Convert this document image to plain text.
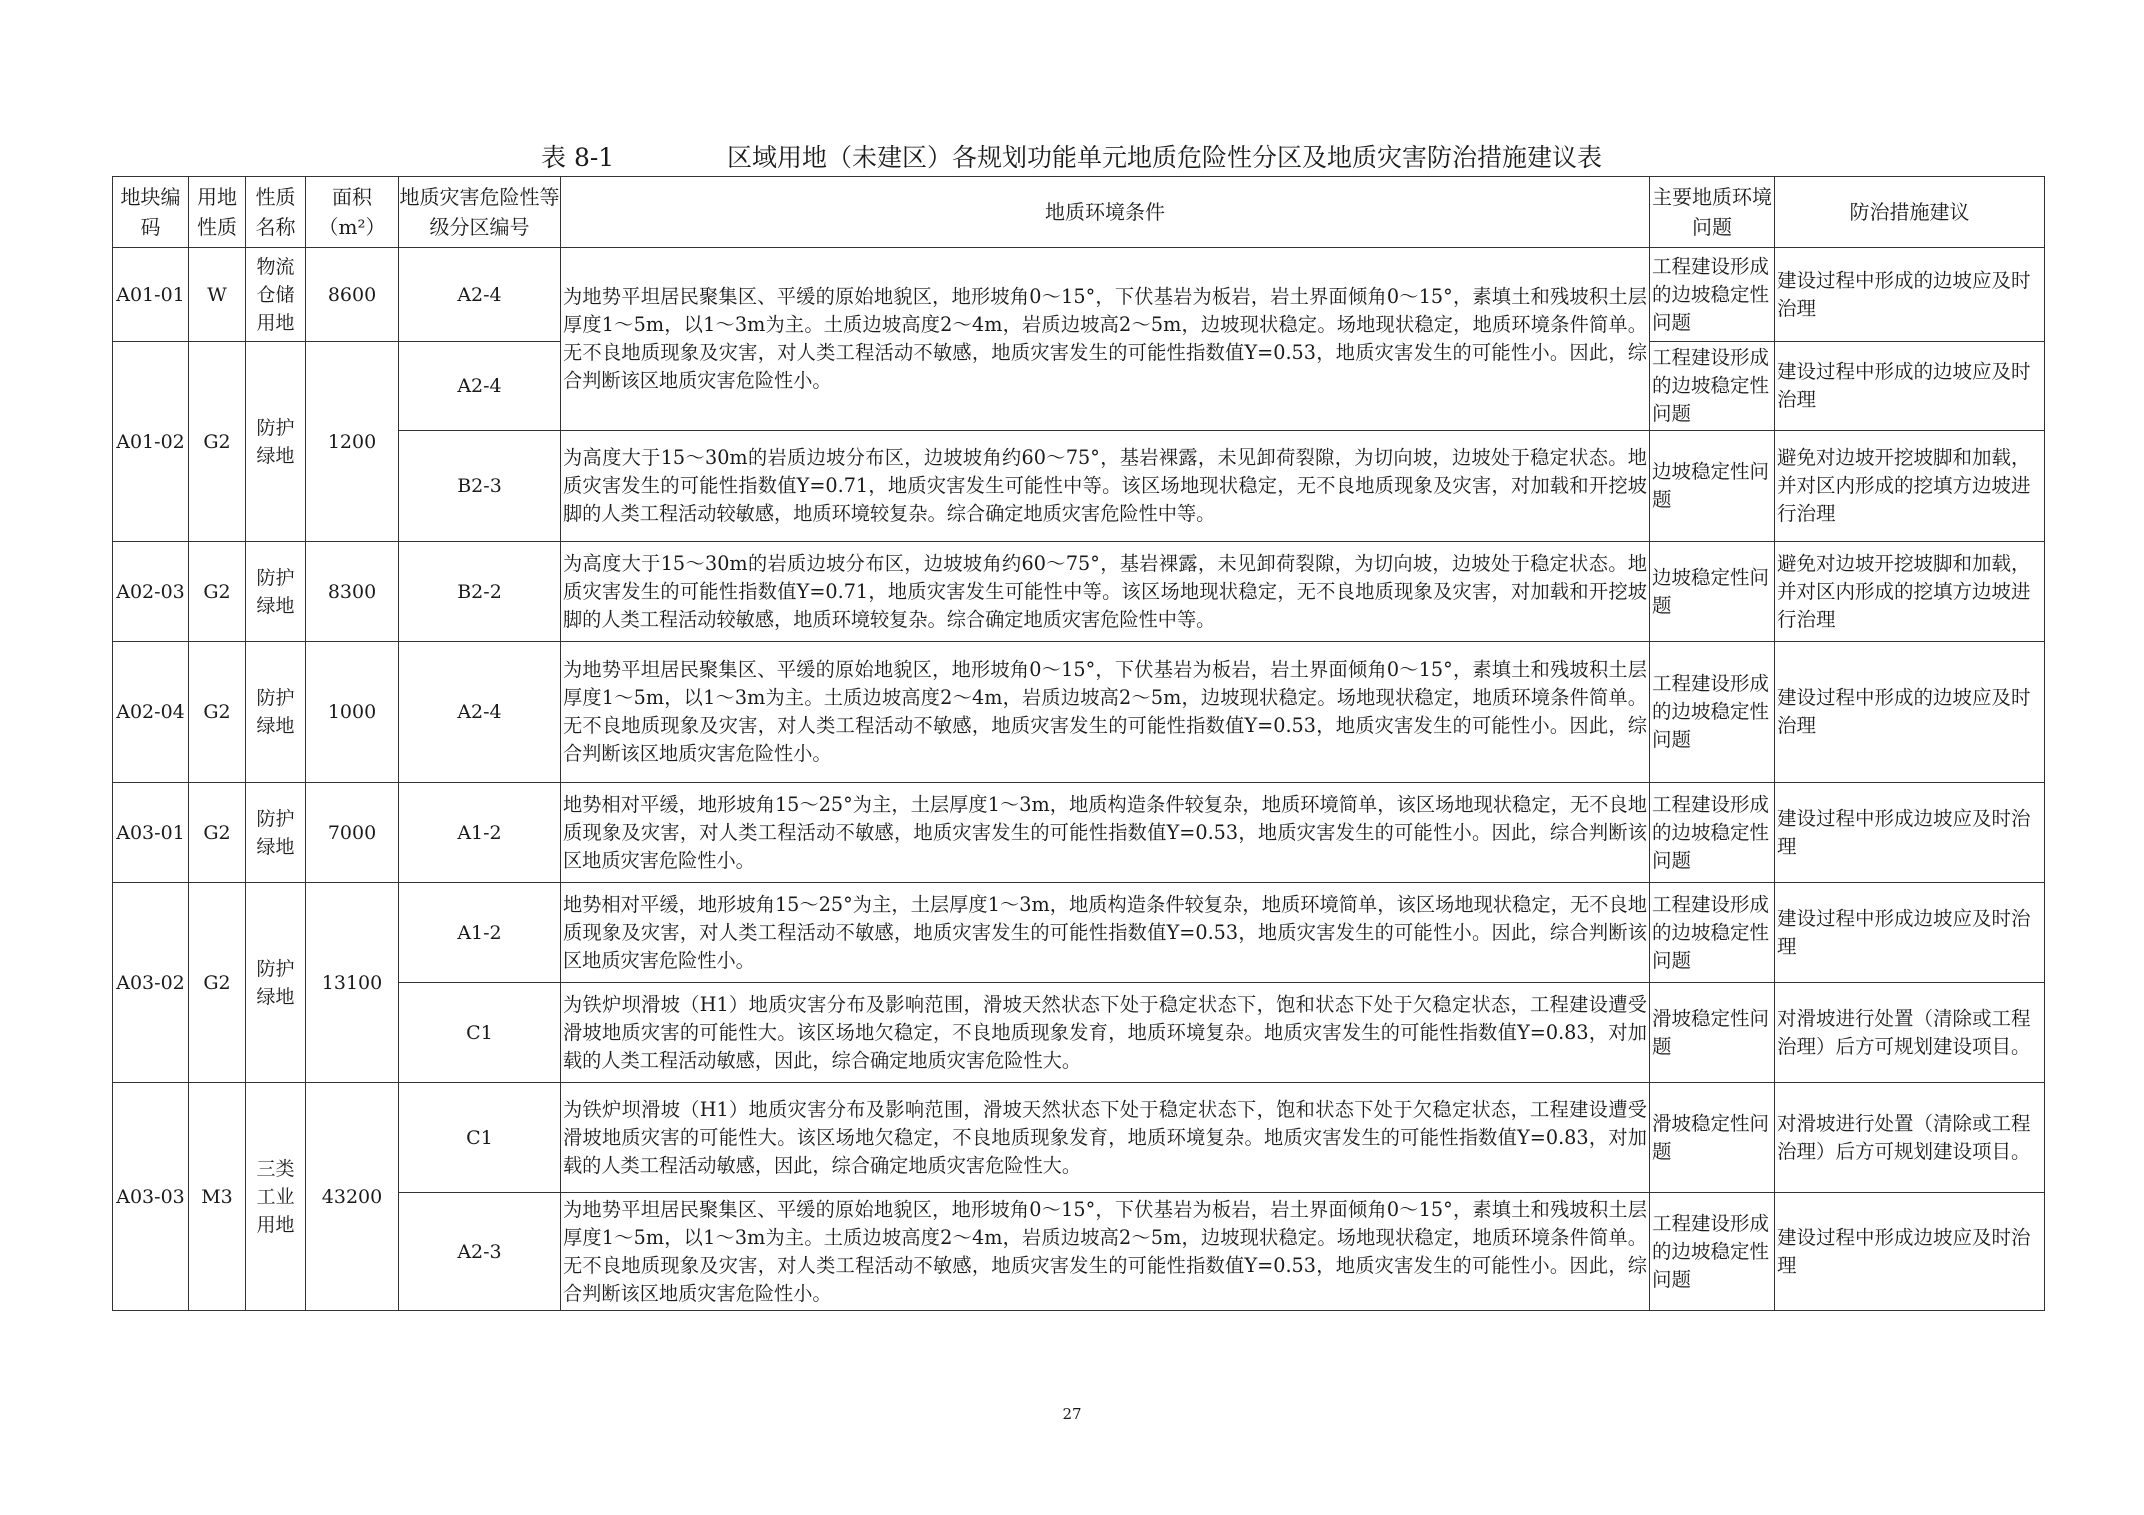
表 8-1	区域用地（未建区）各规划功能单元地质危险性分区及地质灾害防治措施建议表
地块编码	用地性质	性质名称	面积（m²）	地质灾害危险性等级分区编号	地质环境条件	主要地质环境问题	防治措施建议
A01-01	W	物流仓储用地	8600	A2-4	为地势平坦居民聚集区、平缓的原始地貌区，地形坡角0～15°，下伏基岩为板岩，岩土界面倾角0～15°，素填土和残坡积土层厚度1～5m，以1～3m为主。土质边坡高度2～4m，岩质边坡高2～5m，边坡现状稳定。场地现状稳定，地质环境条件简单。无不良地质现象及灾害，对人类工程活动不敏感，地质灾害发生的可能性指数值Y=0.53，地质灾害发生的可能性小。因此，综合判断该区地质灾害危险性小。	工程建设形成的边坡稳定性问题	建设过程中形成的边坡应及时治理
A01-02	G2	防护绿地	1200	A2-4		工程建设形成的边坡稳定性问题	建设过程中形成的边坡应及时治理
				B2-3	为高度大于15～30m的岩质边坡分布区，边坡坡角约60～75°，基岩裸露，未见卸荷裂隙，为切向坡，边坡处于稳定状态。地质灾害发生的可能性指数值Y=0.71，地质灾害发生可能性中等。该区场地现状稳定，无不良地质现象及灾害，对加载和开挖坡脚的人类工程活动较敏感，地质环境较复杂。综合确定地质灾害危险性中等。	边坡稳定性问题	避免对边坡开挖坡脚和加载，并对区内形成的挖填方边坡进行治理
A02-03	G2	防护绿地	8300	B2-2	为高度大于15～30m的岩质边坡分布区，边坡坡角约60～75°，基岩裸露，未见卸荷裂隙，为切向坡，边坡处于稳定状态。地质灾害发生的可能性指数值Y=0.71，地质灾害发生可能性中等。该区场地现状稳定，无不良地质现象及灾害，对加载和开挖坡脚的人类工程活动较敏感，地质环境较复杂。综合确定地质灾害危险性中等。	边坡稳定性问题	避免对边坡开挖坡脚和加载，并对区内形成的挖填方边坡进行治理
A02-04	G2	防护绿地	1000	A2-4	为地势平坦居民聚集区、平缓的原始地貌区，地形坡角0～15°，下伏基岩为板岩，岩土界面倾角0～15°，素填土和残坡积土层厚度1～5m，以1～3m为主。土质边坡高度2～4m，岩质边坡高2～5m，边坡现状稳定。场地现状稳定，地质环境条件简单。无不良地质现象及灾害，对人类工程活动不敏感，地质灾害发生的可能性指数值Y=0.53，地质灾害发生的可能性小。因此，综合判断该区地质灾害危险性小。	工程建设形成的边坡稳定性问题	建设过程中形成的边坡应及时治理
A03-01	G2	防护绿地	7000	A1-2	地势相对平缓，地形坡角15～25°为主，土层厚度1～3m，地质构造条件较复杂，地质环境简单，该区场地现状稳定，无不良地质现象及灾害，对人类工程活动不敏感，地质灾害发生的可能性指数值Y=0.53，地质灾害发生的可能性小。因此，综合判断该区地质灾害危险性小。	工程建设形成的边坡稳定性问题	建设过程中形成边坡应及时治理
A03-02	G2	防护绿地	13100	A1-2	地势相对平缓，地形坡角15～25°为主，土层厚度1～3m，地质构造条件较复杂，地质环境简单，该区场地现状稳定，无不良地质现象及灾害，对人类工程活动不敏感，地质灾害发生的可能性指数值Y=0.53，地质灾害发生的可能性小。因此，综合判断该区地质灾害危险性小。	工程建设形成的边坡稳定性问题	建设过程中形成边坡应及时治理
				C1	为铁炉坝滑坡（H1）地质灾害分布及影响范围，滑坡天然状态下处于稳定状态下，饱和状态下处于欠稳定状态，工程建设遭受滑坡地质灾害的可能性大。该区场地欠稳定，不良地质现象发育，地质环境复杂。地质灾害发生的可能性指数值Y=0.83，对加载的人类工程活动敏感，因此，综合确定地质灾害危险性大。	滑坡稳定性问题	对滑坡进行处置（清除或工程治理）后方可规划建设项目。
A03-03	M3	三类工业用地	43200	C1	为铁炉坝滑坡（H1）地质灾害分布及影响范围，滑坡天然状态下处于稳定状态下，饱和状态下处于欠稳定状态，工程建设遭受滑坡地质灾害的可能性大。该区场地欠稳定，不良地质现象发育，地质环境复杂。地质灾害发生的可能性指数值Y=0.83，对加载的人类工程活动敏感，因此，综合确定地质灾害危险性大。	滑坡稳定性问题	对滑坡进行处置（清除或工程治理）后方可规划建设项目。
				A2-3	为地势平坦居民聚集区、平缓的原始地貌区，地形坡角0～15°，下伏基岩为板岩，岩土界面倾角0～15°，素填土和残坡积土层厚度1～5m，以1～3m为主。土质边坡高度2～4m，岩质边坡高2～5m，边坡现状稳定。场地现状稳定，地质环境条件简单。无不良地质现象及灾害，对人类工程活动不敏感，地质灾害发生的可能性指数值Y=0.53，地质灾害发生的可能性小。因此，综合判断该区地质灾害危险性小。	工程建设形成的边坡稳定性问题	建设过程中形成边坡应及时治理
27
